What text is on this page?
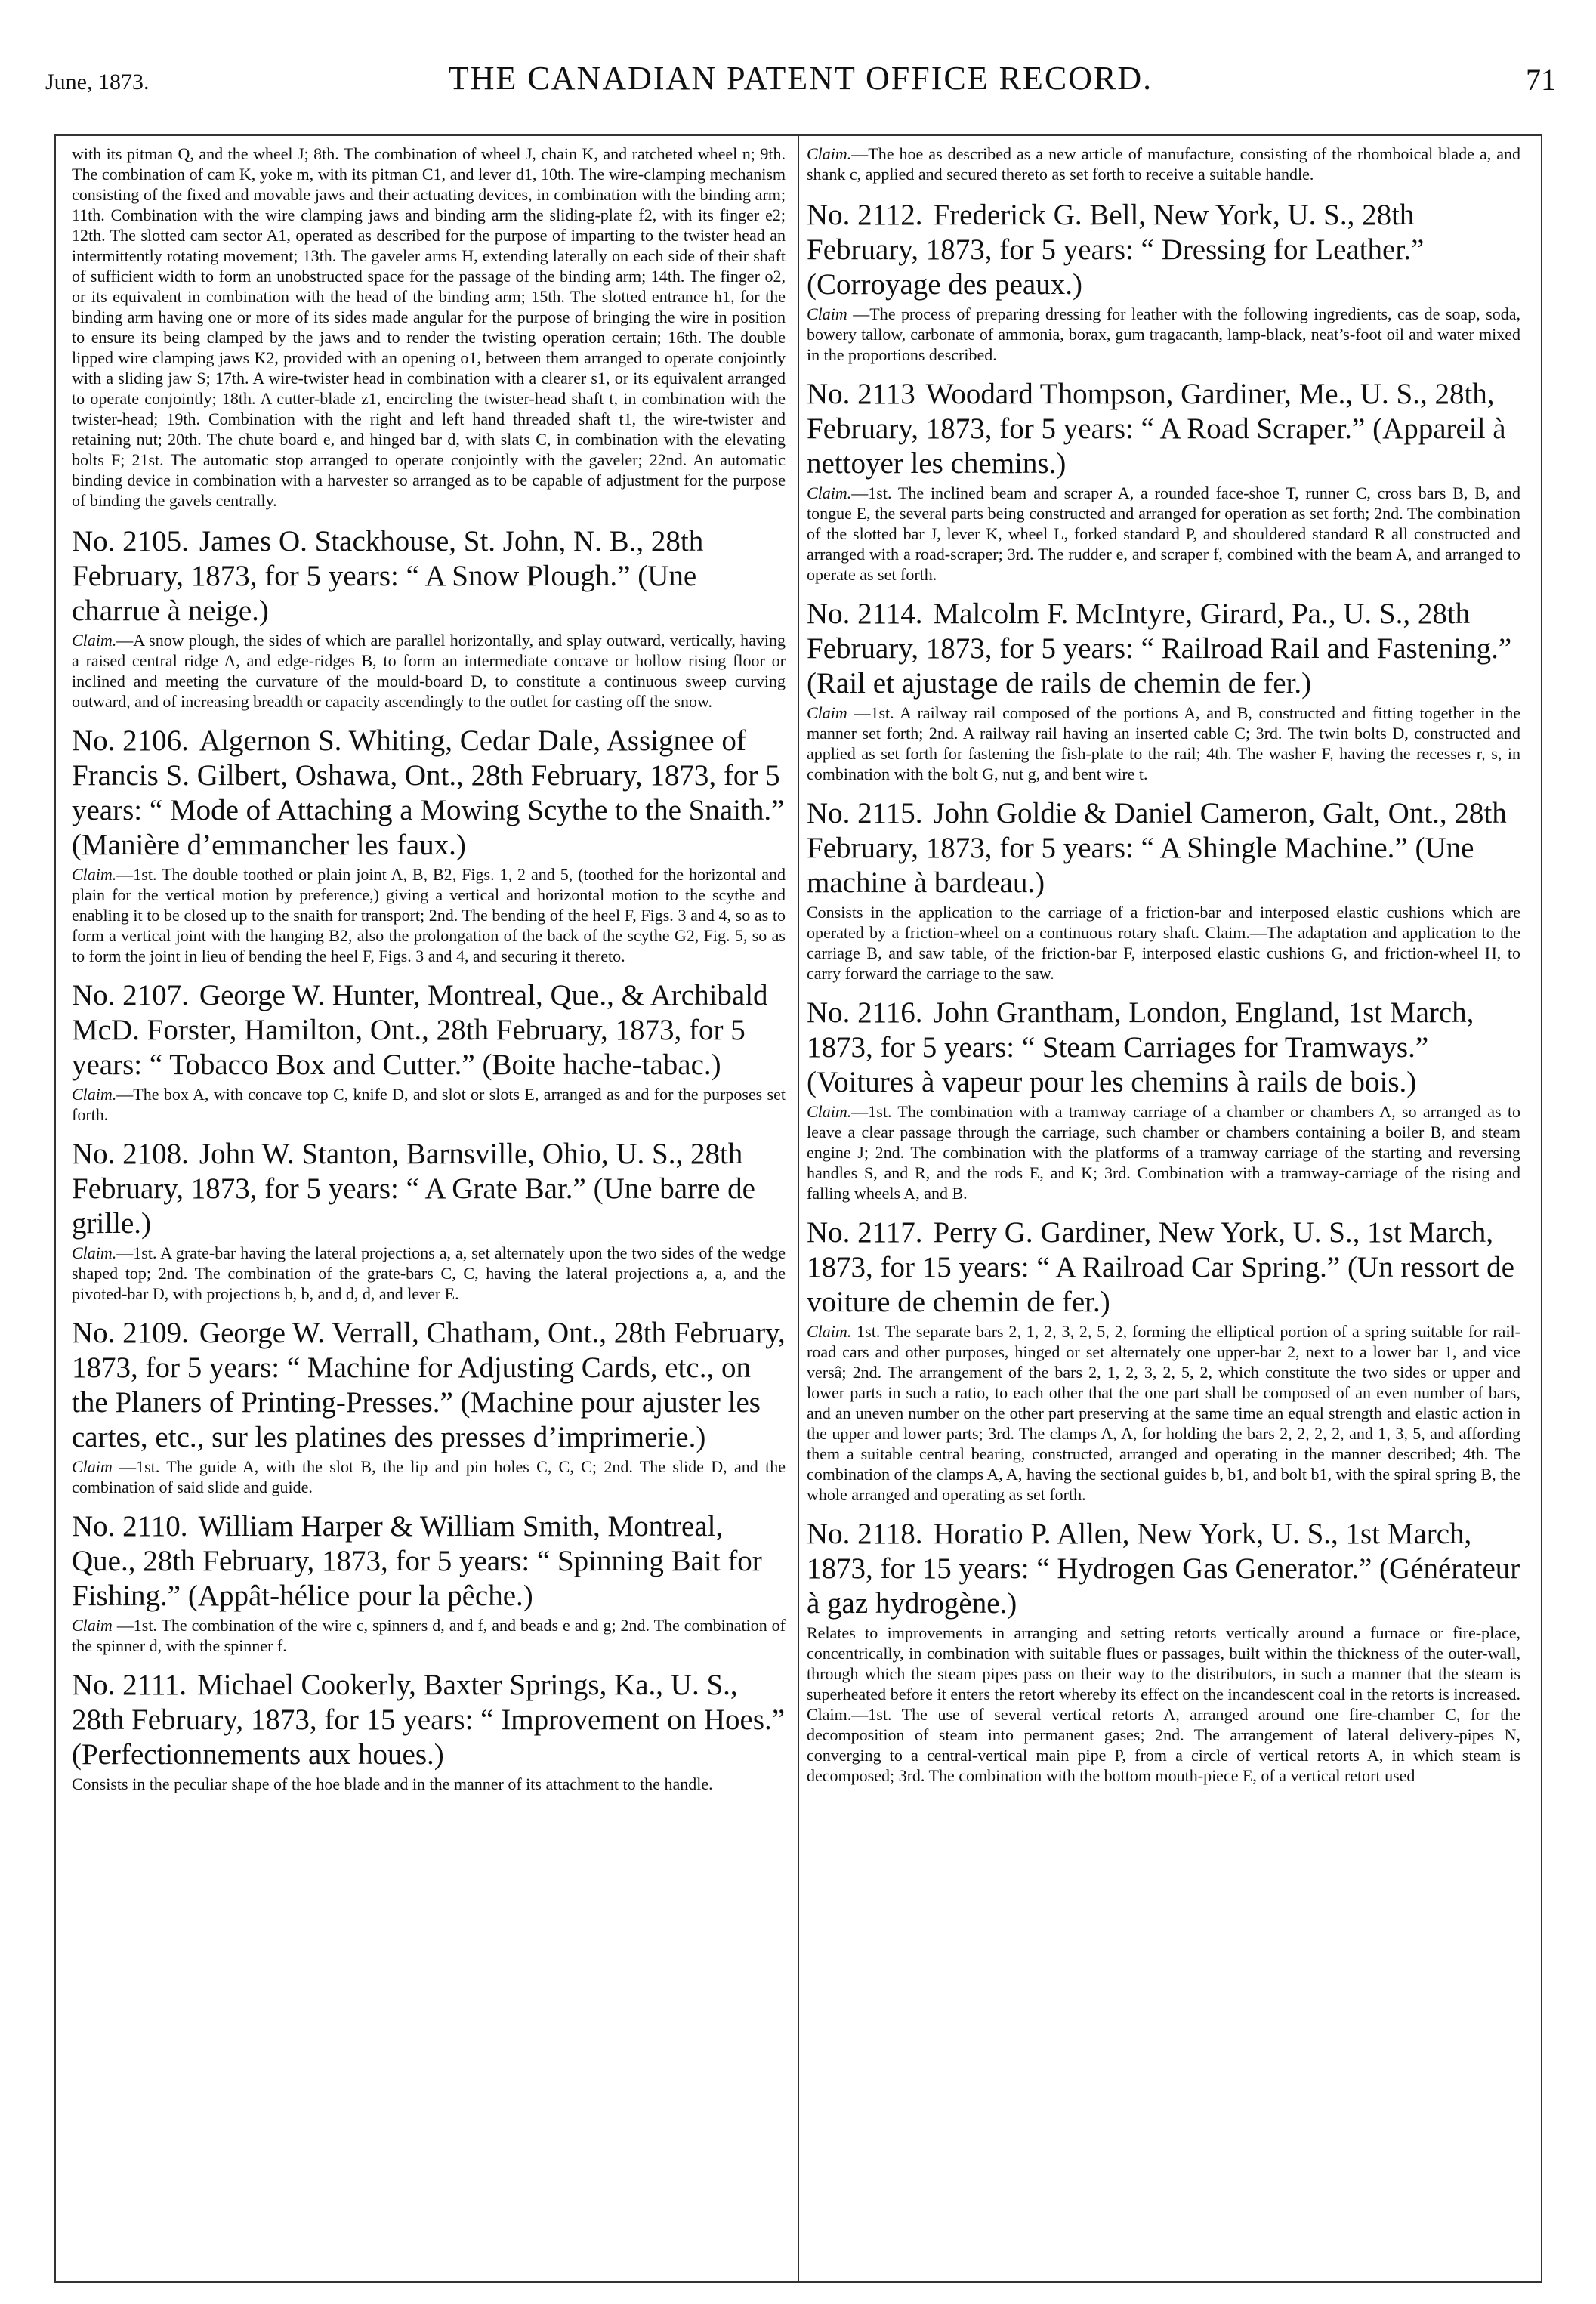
June, 1873.	THE CANADIAN PATENT OFFICE RECORD.	71

with its pitman Q, and the wheel J; 8th. The combination of wheel J, chain K, and ratcheted wheel n; 9th. The combination of cam K, yoke m, with its pitman C1, and lever d1, 10th. The wire-clamping mechanism consisting of the fixed and movable jaws and their actuating devices, in combination with the binding arm; 11th. Combination with the wire clamping jaws and binding arm the sliding-plate f2, with its finger e2; 12th. The slotted cam sector A1, operated as described for the purpose of imparting to the twister head an intermittently rotating movement; 13th. The gaveler arms H, extending laterally on each side of their shaft of sufficient width to form an unobstructed space for the passage of the binding arm; 14th. The finger o2, or its equivalent in combination with the head of the binding arm; 15th. The slotted entrance h1, for the binding arm having one or more of its sides made angular for the purpose of bringing the wire in position to ensure its being clamped by the jaws and to render the twisting operation certain; 16th. The double lipped wire clamping jaws K2, provided with an opening o1, between them arranged to operate conjointly with a sliding jaw S; 17th. A wire-twister head in combination with a clearer s1, or its equivalent arranged to operate conjointly; 18th. A cutter-blade z1, encircling the twister-head shaft t, in combination with the twister-head; 19th. Combination with the right and left hand threaded shaft t1, the wire-twister and retaining nut; 20th. The chute board e, and hinged bar d, with slats C, in combination with the elevating bolts F; 21st. The automatic stop arranged to operate conjointly with the gaveler; 22nd. An automatic binding device in combination with a harvester so arranged as to be capable of adjustment for the purpose of binding the gavels centrally.

No. 2105. James O. Stackhouse, St. John, N. B., 28th February, 1873, for 5 years: “ A Snow Plough.” (Une charrue à neige.)

Claim.—A snow plough, the sides of which are parallel horizontally, and splay outward, vertically, having a raised central ridge A, and edge-ridges B, to form an intermediate concave or hollow rising floor or inclined and meeting the curvature of the mould-board D, to constitute a continuous sweep curving outward, and of increasing breadth or capacity ascendingly to the outlet for casting off the snow.

No. 2106. Algernon S. Whiting, Cedar Dale, Assignee of Francis S. Gilbert, Oshawa, Ont., 28th February, 1873, for 5 years: “ Mode of Attaching a Mowing Scythe to the Snaith.” (Manière d’emmancher les faux.)

Claim.—1st. The double toothed or plain joint A, B, B2, Figs. 1, 2 and 5, (toothed for the horizontal and plain for the vertical motion by preference,) giving a vertical and horizontal motion to the scythe and enabling it to be closed up to the snaith for transport; 2nd. The bending of the heel F, Figs. 3 and 4, so as to form a vertical joint with the hanging B2, also the prolongation of the back of the scythe G2, Fig. 5, so as to form the joint in lieu of bending the heel F, Figs. 3 and 4, and securing it thereto.

No. 2107. George W. Hunter, Montreal, Que., & Archibald McD. Forster, Hamilton, Ont., 28th February, 1873, for 5 years: “ Tobacco Box and Cutter.” (Boite hache-tabac.)

Claim.—The box A, with concave top C, knife D, and slot or slots E, arranged as and for the purposes set forth.

No. 2108. John W. Stanton, Barnsville, Ohio, U. S., 28th February, 1873, for 5 years: “ A Grate Bar.” (Une barre de grille.)

Claim.—1st. A grate-bar having the lateral projections a, a, set alternately upon the two sides of the wedge shaped top; 2nd. The combination of the grate-bars C, C, having the lateral projections a, a, and the pivoted-bar D, with projections b, b, and d, d, and lever E.

No. 2109. George W. Verrall, Chatham, Ont., 28th February, 1873, for 5 years: “ Machine for Adjusting Cards, etc., on the Planers of Printing-Presses.” (Machine pour ajuster les cartes, etc., sur les platines des presses d’imprimerie.)

Claim —1st. The guide A, with the slot B, the lip and pin holes C, C, C; 2nd. The slide D, and the combination of said slide and guide.

No. 2110. William Harper & William Smith, Montreal, Que., 28th February, 1873, for 5 years: “ Spinning Bait for Fishing.” (Appât-hélice pour la pêche.)

Claim —1st. The combination of the wire c, spinners d, and f, and beads e and g; 2nd. The combination of the spinner d, with the spinner f.

No. 2111. Michael Cookerly, Baxter Springs, Ka., U. S., 28th February, 1873, for 15 years: “ Improvement on Hoes.” (Perfectionnements aux houes.)

Consists in the peculiar shape of the hoe blade and in the manner of its attachment to the handle.

Claim.—The hoe as described as a new article of manufacture, consisting of the rhomboical blade a, and shank c, applied and secured thereto as set forth to receive a suitable handle.

No. 2112. Frederick G. Bell, New York, U. S., 28th February, 1873, for 5 years: “ Dressing for Leather.” (Corroyage des peaux.)

Claim —The process of preparing dressing for leather with the following ingredients, cas de soap, soda, bowery tallow, carbonate of ammonia, borax, gum tragacanth, lamp-black, neat’s-foot oil and water mixed in the proportions described.

No. 2113 Woodard Thompson, Gardiner, Me., U. S., 28th, February, 1873, for 5 years: “ A Road Scraper.” (Appareil à nettoyer les chemins.)

Claim.—1st. The inclined beam and scraper A, a rounded face-shoe T, runner C, cross bars B, B, and tongue E, the several parts being constructed and arranged for operation as set forth; 2nd. The combination of the slotted bar J, lever K, wheel L, forked standard P, and shouldered standard R all constructed and arranged with a road-scraper; 3rd. The rudder e, and scraper f, combined with the beam A, and arranged to operate as set forth.

No. 2114. Malcolm F. McIntyre, Girard, Pa., U. S., 28th February, 1873, for 5 years: “ Railroad Rail and Fastening.” (Rail et ajustage de rails de chemin de fer.)

Claim —1st. A railway rail composed of the portions A, and B, constructed and fitting together in the manner set forth; 2nd. A railway rail having an inserted cable C; 3rd. The twin bolts D, constructed and applied as set forth for fastening the fish-plate to the rail; 4th. The washer F, having the recesses r, s, in combination with the bolt G, nut g, and bent wire t.

No. 2115. John Goldie & Daniel Cameron, Galt, Ont., 28th February, 1873, for 5 years: “ A Shingle Machine.” (Une machine à bardeau.)

Consists in the application to the carriage of a friction-bar and interposed elastic cushions which are operated by a friction-wheel on a continuous rotary shaft. Claim.—The adaptation and application to the carriage B, and saw table, of the friction-bar F, interposed elastic cushions G, and friction-wheel H, to carry forward the carriage to the saw.

No. 2116. John Grantham, London, England, 1st March, 1873, for 5 years: “ Steam Carriages for Tramways.” (Voitures à vapeur pour les chemins à rails de bois.)

Claim.—1st. The combination with a tramway carriage of a chamber or chambers A, so arranged as to leave a clear passage through the carriage, such chamber or chambers containing a boiler B, and steam engine J; 2nd. The combination with the platforms of a tramway carriage of the starting and reversing handles S, and R, and the rods E, and K; 3rd. Combination with a tramway-carriage of the rising and falling wheels A, and B.

No. 2117. Perry G. Gardiner, New York, U. S., 1st March, 1873, for 15 years: “ A Railroad Car Spring.” (Un ressort de voiture de chemin de fer.)

Claim. 1st. The separate bars 2, 1, 2, 3, 2, 5, 2, forming the elliptical portion of a spring suitable for rail-road cars and other purposes, hinged or set alternately one upper-bar 2, next to a lower bar 1, and vice versâ; 2nd. The arrangement of the bars 2, 1, 2, 3, 2, 5, 2, which constitute the two sides or upper and lower parts in such a ratio, to each other that the one part shall be composed of an even number of bars, and an uneven number on the other part preserving at the same time an equal strength and elastic action in the upper and lower parts; 3rd. The clamps A, A, for holding the bars 2, 2, 2, 2, and 1, 3, 5, and affording them a suitable central bearing, constructed, arranged and operating in the manner described; 4th. The combination of the clamps A, A, having the sectional guides b, b1, and bolt b1, with the spiral spring B, the whole arranged and operating as set forth.

No. 2118. Horatio P. Allen, New York, U. S., 1st March, 1873, for 15 years: “ Hydrogen Gas Generator.” (Générateur à gaz hydrogène.)

Relates to improvements in arranging and setting retorts vertically around a furnace or fire-place, concentrically, in combination with suitable flues or passages, built within the thickness of the outer-wall, through which the steam pipes pass on their way to the distributors, in such a manner that the steam is superheated before it enters the retort whereby its effect on the incandescent coal in the retorts is increased. Claim.—1st. The use of several vertical retorts A, arranged around one fire-chamber C, for the decomposition of steam into permanent gases; 2nd. The arrangement of lateral delivery-pipes N, converging to a central-vertical main pipe P, from a circle of vertical retorts A, in which steam is decomposed; 3rd. The combination with the bottom mouth-piece E, of a vertical retort used
